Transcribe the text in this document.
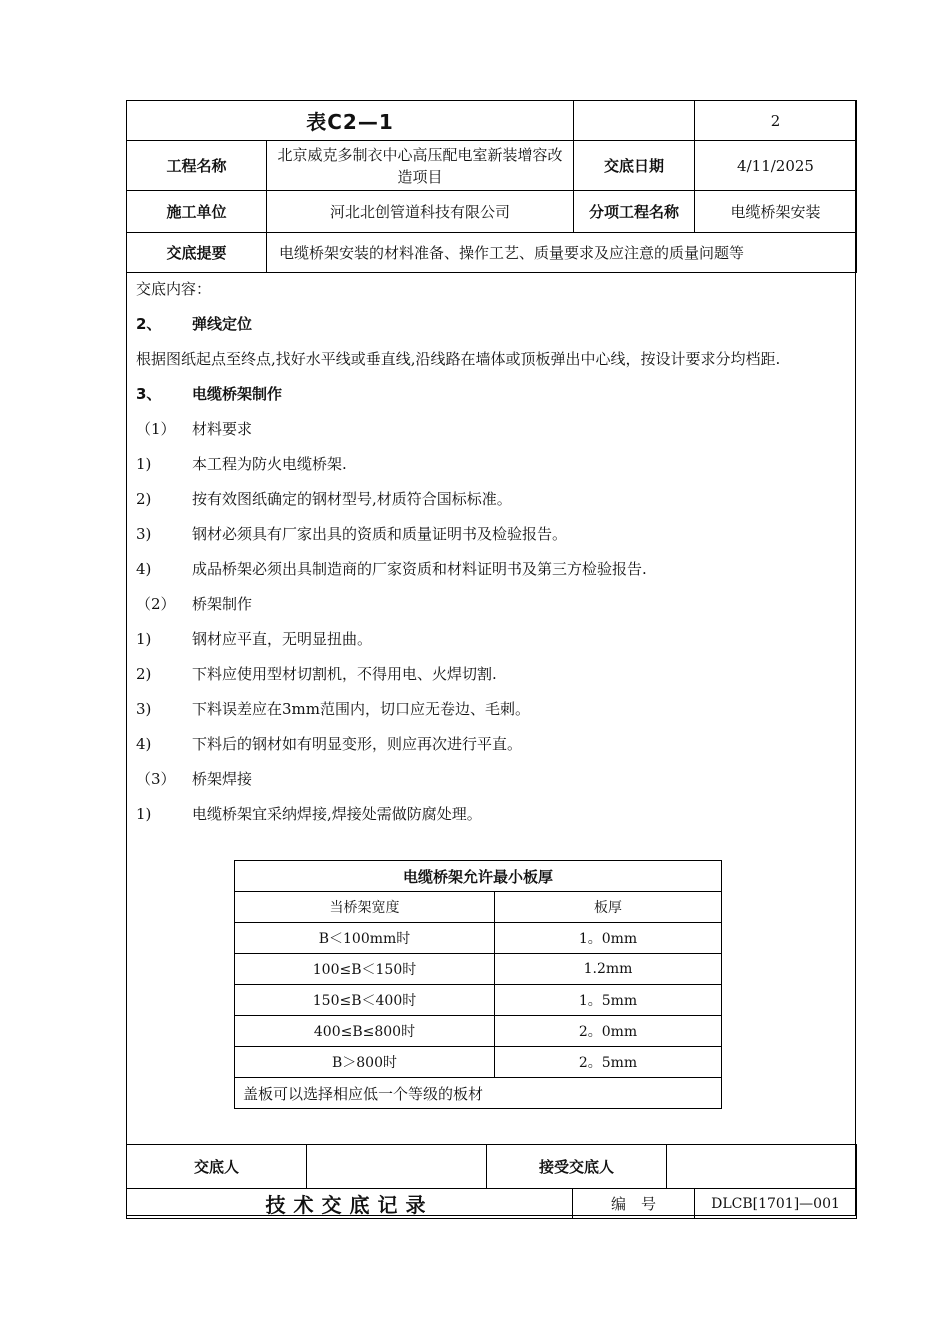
表C2—1			2
工程名称	北京威克多制衣中心高压配电室新装增容改造项目	交底日期	4/11/2025
施工单位	河北北创管道科技有限公司	分项工程名称	电缆桥架安装
交底提要	电缆桥架安装的材料准备、操作工艺、质量要求及应注意的质量问题等		
交底内容：
2、 弹线定位
根据图纸起点至终点,找好水平线或垂直线,沿线路在墙体或顶板弹出中心线，按设计要求分均档距.
3、 电缆桥架制作
（1） 材料要求
1)	本工程为防火电缆桥架.
2)	按有效图纸确定的钢材型号,材质符合国标标准。
3)	钢材必须具有厂家出具的资质和质量证明书及检验报告。
4)	成品桥架必须出具制造商的厂家资质和材料证明书及第三方检验报告.
（2） 桥架制作
1)	钢材应平直，无明显扭曲。
2)	下料应使用型材切割机，不得用电、火焊切割.
3)	下料误差应在3mm范围内，切口应无卷边、毛刺。
4)	下料后的钢材如有明显变形，则应再次进行平直。
（3） 桥架焊接
1)	电缆桥架宜采纳焊接,焊接处需做防腐处理。
电缆桥架允许最小板厚	
当桥架宽度	板厚
B＜100mm时	1。0mm
100≤B＜150时	1.2mm
150≤B＜400时	1。5mm
400≤B≤800时	2。0mm
B＞800时	2。5mm
盖板可以选择相应低一个等级的板材	
交底人		接受交底人	
技术交底记录	编　号	DLCB[1701]—001
